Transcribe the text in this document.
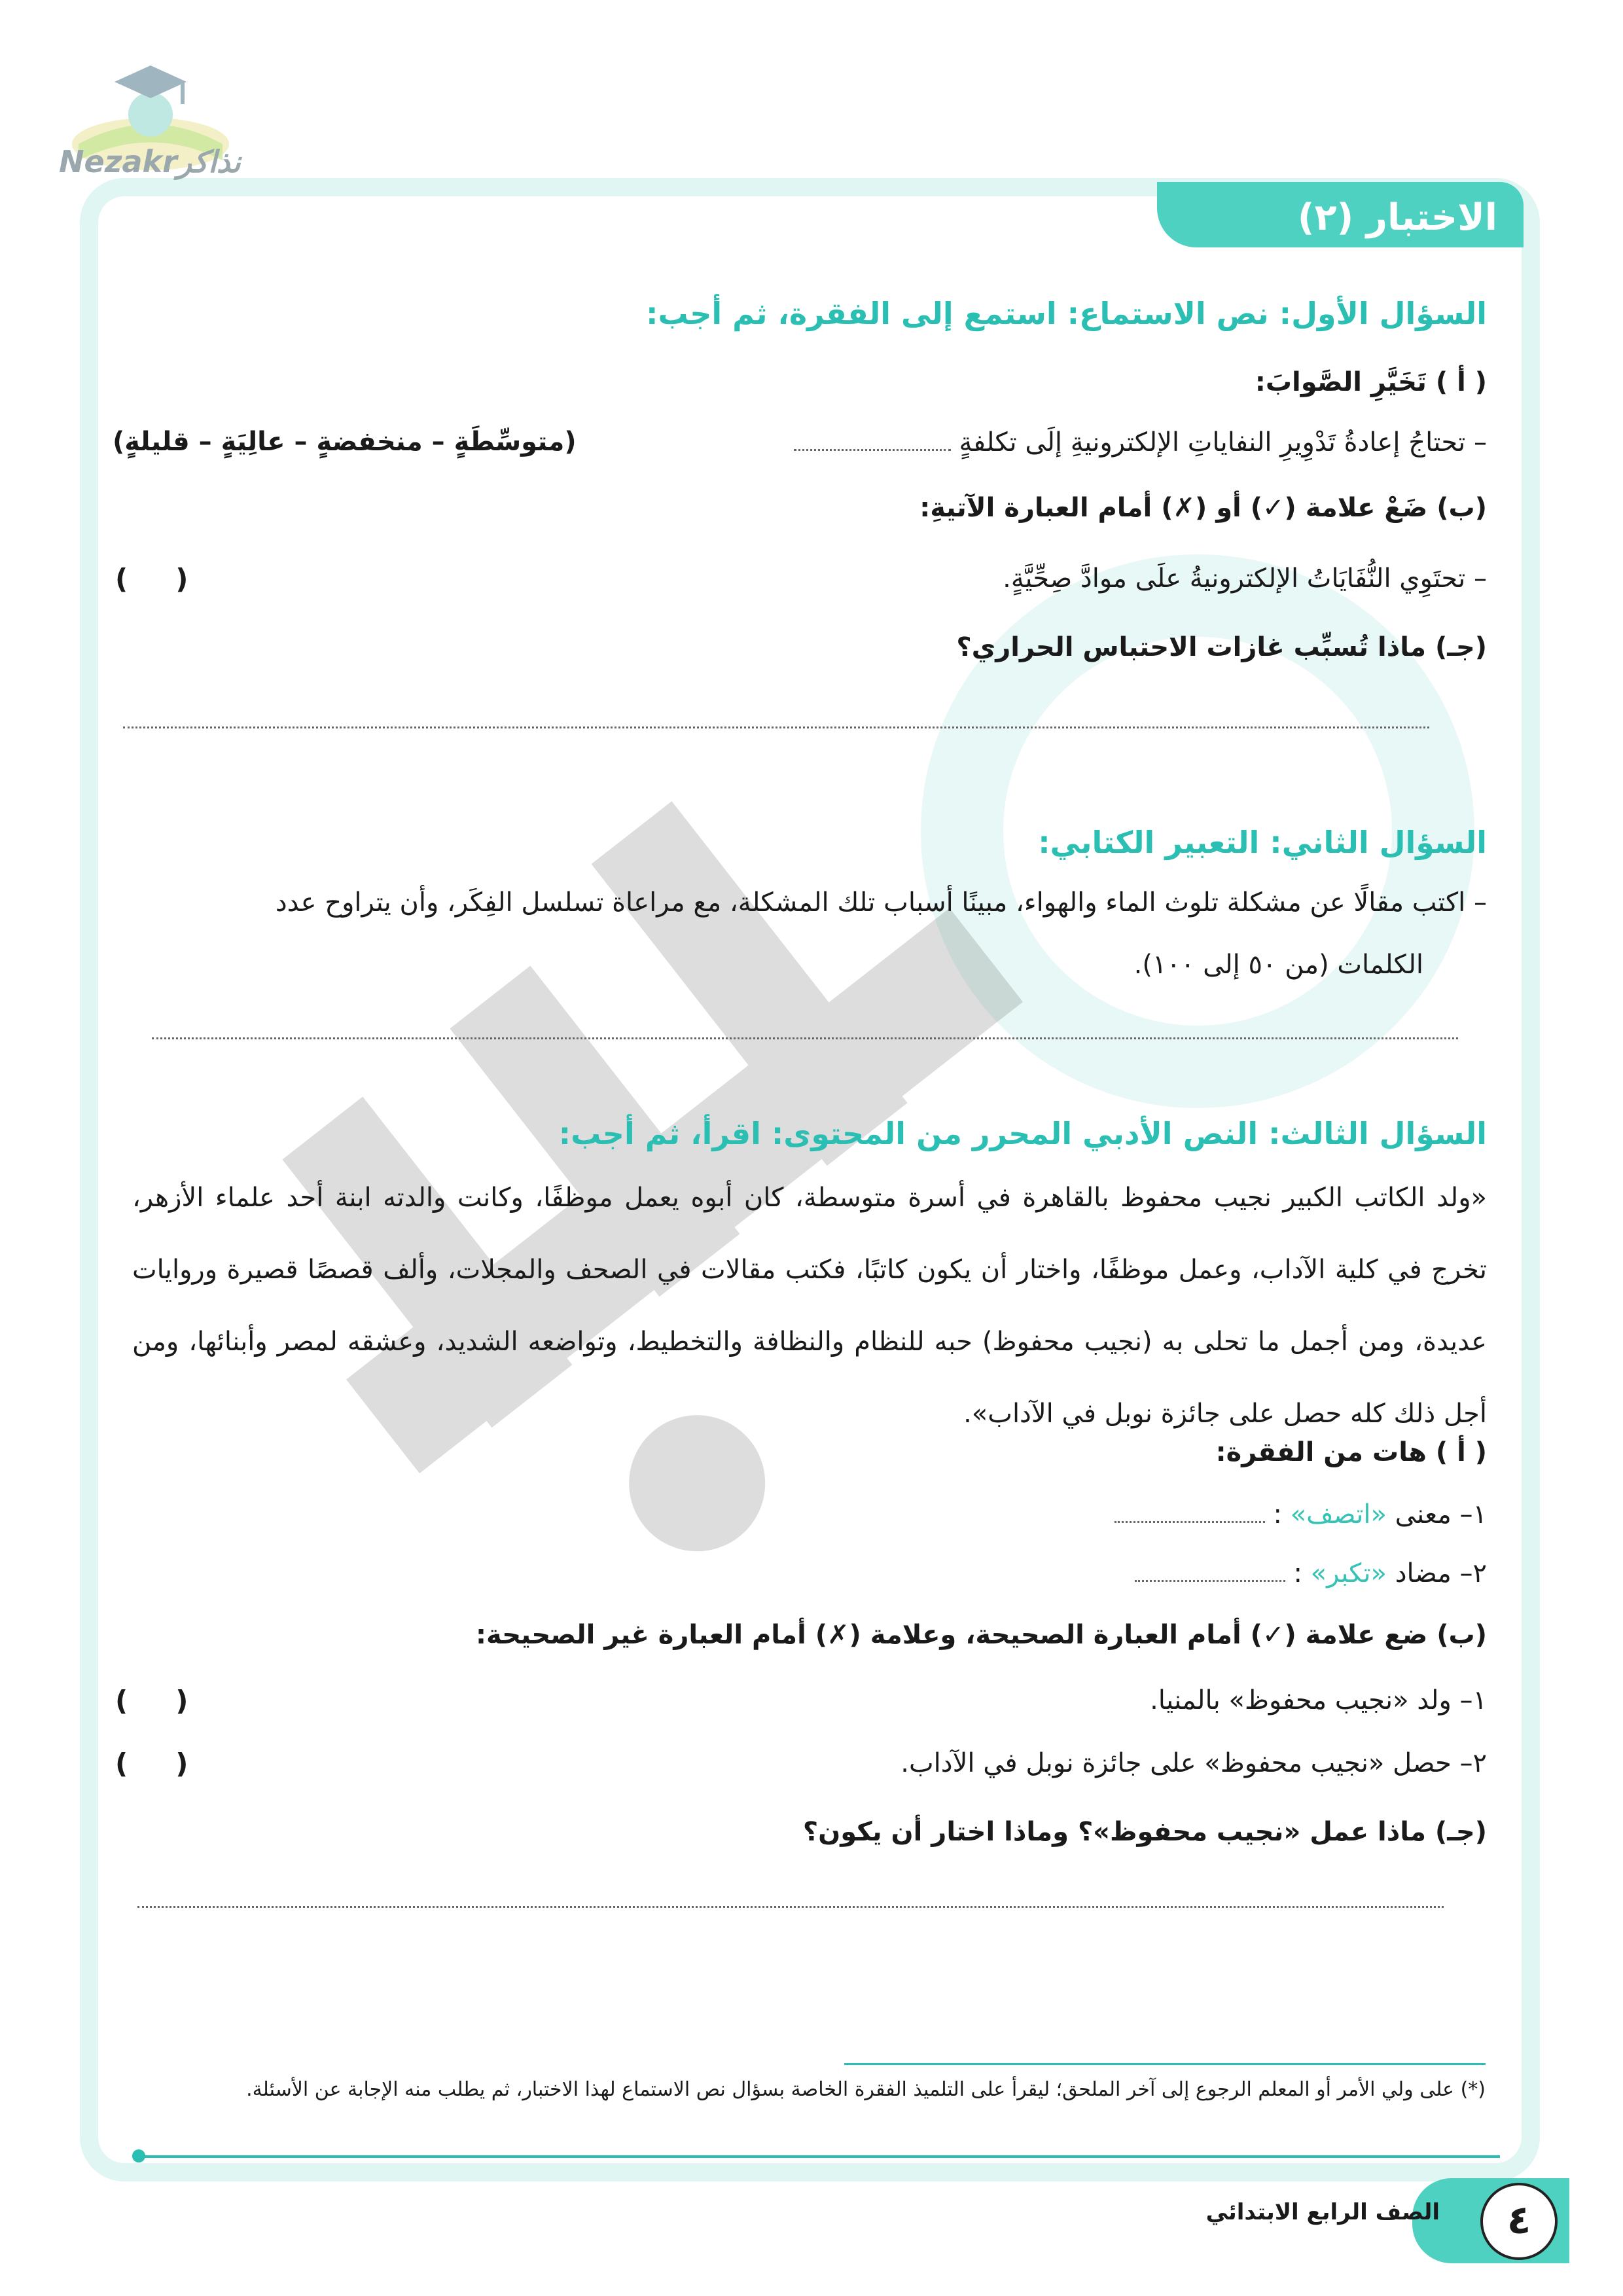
Nezakrنذاكر
الاختبار (٢)
السؤال الأول: نص الاستماع: استمع إلى الفقرة، ثم أجب:
( أ ) تَخَيَّرِ الصَّوابَ:
– تحتاجُ إعادةُ تَدْوِيرِ النفاياتِ الإلكترونيةِ إلَى تكلفةٍ
(متوسِّطَةٍ – منخفضةٍ – عالِيَةٍ – قليلةٍ)
(ب) ضَعْ علامة (✓) أو (✗) أمام العبارة الآتيةِ:
– تحتَوِي النُّفَايَاتُ الإلكترونيةُ علَى موادَّ صِحِّيَّةٍ.
(     )
(جـ) ماذا تُسبِّب غازات الاحتباس الحراري؟
السؤال الثاني: التعبير الكتابي:
– اكتب مقالًا عن مشكلة تلوث الماء والهواء، مبينًا أسباب تلك المشكلة، مع مراعاة تسلسل الفِكَر، وأن يتراوح عدد
الكلمات (من ٥٠ إلى ١٠٠).
السؤال الثالث: النص الأدبي المحرر من المحتوى: اقرأ، ثم أجب:
«ولد الكاتب الكبير نجيب محفوظ بالقاهرة في أسرة متوسطة، كان أبوه يعمل موظفًا، وكانت والدته ابنة أحد علماء الأزهر، تخرج في كلية الآداب، وعمل موظفًا، واختار أن يكون كاتبًا، فكتب مقالات في الصحف والمجلات، وألف قصصًا قصيرة وروايات عديدة، ومن أجمل ما تحلى به (نجيب محفوظ) حبه للنظام والنظافة والتخطيط، وتواضعه الشديد، وعشقه لمصر وأبنائها، ومن أجل ذلك كله حصل على جائزة نوبل في الآداب».
( أ ) هات من الفقرة:
١– معنى «اتصف» :
٢– مضاد «تكبر» :
(ب) ضع علامة (✓) أمام العبارة الصحيحة، وعلامة (✗) أمام العبارة غير الصحيحة:
١– ولد «نجيب محفوظ» بالمنيا.
(     )
٢– حصل «نجيب محفوظ» على جائزة نوبل في الآداب.
(     )
(جـ) ماذا عمل «نجيب محفوظ»؟ وماذا اختار أن يكون؟
(*) على ولي الأمر أو المعلم الرجوع إلى آخر الملحق؛ ليقرأ على التلميذ الفقرة الخاصة بسؤال نص الاستماع لهذا الاختبار، ثم يطلب منه الإجابة عن الأسئلة.
٤
الصف الرابع الابتدائي
